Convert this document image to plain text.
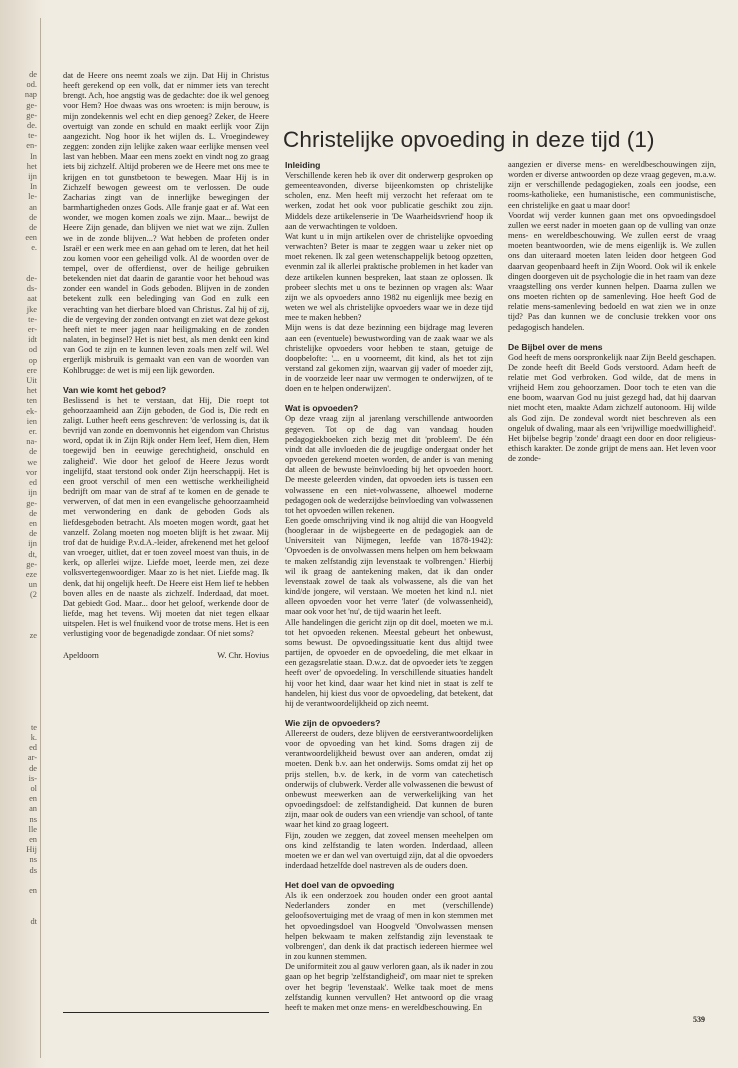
de
od.
nap
ge-
ge-
de.
te-
en-
In
het
ijn
In
le-
an
de
de
een
e.
de-
ds-
aat
jke
te-
er-
idt
od
op
ere
Uit
het
ten
ek-
ien
er.
na-
de
we
vor
ed
ijn
ge-
de
en
de
ijn
dt,
ge-
eze
un
(2
ze
te
k.
ed
ar-
de
is-
ol
en
an
ns
lle
en
Hij
ns
ds
en
dt

dat de Heere ons neemt zoals we zijn. Dat Hij in Christus heeft gerekend op een volk, dat er nimmer iets van terecht brengt. Ach, hoe angstig was de gedachte: doe ik wel genoeg voor Hem? Hoe dwaas was ons wroeten: is mijn berouw, is mijn zondekennis wel echt en diep genoeg? Zeker, de Heere overtuigt van zonde en schuld en maakt eerlijk voor Zijn aangezicht. Nog hoor ik het wijlen ds. L. Vroegindewey zeggen: zonden zijn lelijke zaken waar eerlijke mensen veel last van hebben. Maar een mens zoekt en vindt nog zo graag iets bij zichzelf. Altijd proberen we de Heere met ons mee te krijgen en tot gunstbetoon te bewegen. Maar Hij is in Zichzelf bewogen geweest om te verlossen. De oude Zacharias zingt van de innerlijke bewegingen der barmhartigheden onzes Gods. Alle franje gaat er af. Wat een wonder, we mogen komen zoals we zijn. Maar... bewijst de Heere Zijn genade, dan blijven we niet wat we zijn. Zullen we in de zonde blijven...? Wat hebben de profeten onder Israël er een werk mee en aan gehad om te leren, dat het heil zou komen voor een geheiligd volk. Al de woorden over de tempel, over de offerdienst, over de heilige gebruiken betekenden niet dat daarin de garantie voor het behoud was zonder een wandel in Gods geboden. Blijven in de zonden betekent zulk een beledinging van God en zulk een verachting van het dierbare bloed van Christus. Zal hij of zij, die de vergeving der zonden ontvangt en ziet wat deze gekost heeft niet te meer jagen naar heiligmaking en de zonden nalaten, in beginsel? Het is niet best, als men denkt een kind van God te zijn en te kunnen leven zoals men zelf wil. Wel ergerlijk misbruik is gemaakt van een van de woorden van Kohlbrugge: de wet is mij een lijk geworden.

Van wie komt het gebod?

Beslissend is het te verstaan, dat Hij, Die roept tot gehoorzaamheid aan Zijn geboden, de God is, Die redt en zaligt. Luther heeft eens geschreven: 'de verlossing is, dat ik bevrijd van zonde en doemvonnis het eigendom van Christus word, opdat ik in Zijn Rijk onder Hem leef, Hem dien, Hem toegewijd ben in eeuwige gerechtigheid, onschuld en zaligheid'. Wie door het geloof de Heere Jezus wordt ingelijfd, staat terstond ook onder Zijn heerschappij. Het is een groot verschil of men een wettische werkheiligheid bedrijft om maar van de straf af te komen en de genade te verwerven, of dat men in een evangelische gehoorzaamheid met verwondering en dank de geboden Gods als liefdesgeboden betracht. Als moeten mogen wordt, gaat het vanzelf. Zolang moeten nog moeten blijft is het zwaar. Mij trof dat de huidige P.v.d.A.-leider, afrekenend met het geloof van vroeger, uitliet, dat er toen zoveel moest van thuis, in de kerk, op allerlei wijze. Liefde moet, leerde men, zei deze volksvertegenwoordiger. Maar zo is het niet. Liefde mag. Ik denk, dat hij ongelijk heeft. De Heere eist Hem lief te hebben boven alles en de naaste als zichzelf. Inderdaad, dat moet. Dat gebiedt God. Maar... door het geloof, werkende door de liefde, mag het tevens. Wij moeten dat niet tegen elkaar uitspelen. Het is wel fnuikend voor de trotse mens. Het is een verlustiging voor de begenadigde zondaar. Of niet soms?

Apeldoorn	W. Chr. Hovius
Christelijke opvoeding in deze tijd (1)
Inleiding

Verschillende keren heb ik over dit onderwerp gesproken op gemeenteavonden, diverse bijeenkomsten op christelijke scholen, enz. Men heeft mij verzocht het referaat om te werken, zodat het ook voor publicatie geschikt zou zijn. Middels deze artikelenserie in 'De Waarheidsvriend' hoop ik aan de verwachtingen te voldoen.

Wat kunt u in mijn artikelen over de christelijke opvoeding verwachten? Beter is maar te zeggen waar u zeker niet op moet rekenen. Ik zal geen wetenschappelijk betoog opzetten, evenmin zal ik allerlei praktische problemen in het kader van deze artikelen kunnen bespreken, laat staan ze oplossen. Ik probeer slechts met u ons te bezinnen op vragen als: Waar zijn we als opvoeders anno 1982 nu eigenlijk mee bezig en weten we wel als christelijke opvoeders waar we in deze tijd mee te maken hebben?

Mijn wens is dat deze bezinning een bijdrage mag leveren aan een (eventuele) bewustwording van de zaak waar we als christelijke opvoeders voor hebben te staan, getuige de doopbelofte: '... en u voorneemt, dit kind, als het tot zijn verstand zal gekomen zijn, waarvan gij vader of moeder zijt, in de voorzeide leer naar uw vermogen te onderwijzen, of te doen en te helpen onderwijzen'.

Wat is opvoeden?

Op deze vraag zijn al jarenlang verschillende antwoorden gegeven. Tot op de dag van vandaag houden pedagogiekboeken zich bezig met dit 'probleem'. De één vindt dat alle invloeden die de jeugdige ondergaat onder het opvoeden gerekend moeten worden, de ander is van mening dat alleen de bewuste beïnvloeding bij het opvoeden hoort. De meeste geleerden vinden, dat opvoeden iets is tussen een volwassene en een niet-volwassene, alhoewel moderne pedagogen ook de wederzijdse beïnvloeding van volwassenen tot het opvoeden willen rekenen.

Een goede omschrijving vind ik nog altijd die van Hoogveld (hoogleraar in de wijsbegeerte en de pedagogiek aan de Universiteit van Nijmegen, leefde van 1878-1942): 'Opvoeden is de onvolwassen mens helpen om hem bekwaam te maken zelfstandig zijn levenstaak te volbrengen.' Hierbij wil ik graag de aantekening maken, dat ik dan onder levenstaak zowel de taak als volwassene, als die van het kind/de jongere, wil verstaan. We moeten het kind n.l. niet alleen opvoeden voor het verre 'later' (de volwassenheid), maar ook voor het 'nu', de tijd waarin het leeft.

Alle handelingen die gericht zijn op dit doel, moeten we m.i. tot het opvoeden rekenen. Meestal gebeurt het onbewust, soms bewust. De opvoedingssituatie kent dus altijd twee partijen, de opvoeder en de opvoedeling, die met elkaar in een gezagsrelatie staan. D.w.z. dat de opvoeder iets 'te zeggen heeft over' de opvoedeling. In verschillende situaties handelt hij voor het kind, daar waar het kind niet in staat is zelf te handelen, hij kiest dus voor de opvoedeling, dat betekent, dat hij de verantwoordelijkheid op zich neemt.

Wie zijn de opvoeders?

Allereerst de ouders, deze blijven de eerstverantwoordelijken voor de opvoeding van het kind. Soms dragen zij de verantwoordelijkheid bewust over aan anderen, omdat zij moeten. Denk b.v. aan het onderwijs. Soms omdat zij het op prijs stellen, b.v. de kerk, in de vorm van catechetisch onderwijs of clubwerk. Verder alle volwassenen die bewust of onbewust meewerken aan de verwerkelijking van het opvoedingsdoel: de zelfstandigheid. Dat kunnen de buren zijn, maar ook de ouders van een vriendje van school, of tante waar het kind zo graag logeert.

Fijn, zouden we zeggen, dat zoveel mensen meehelpen om ons kind zelfstandig te laten worden. Inderdaad, alleen moeten we er dan wel van overtuigd zijn, dat al die opvoeders inderdaad hetzelfde doel nastreven als de ouders doen.

Het doel van de opvoeding

Als ik een onderzoek zou houden onder een groot aantal Nederlanders zonder en met (verschillende) geloofsovertuiging met de vraag of men in kon stemmen met het opvoedingsdoel van Hoogveld 'Onvolwassen mensen helpen bekwaam te maken zelfstandig zijn levenstaak te volbrengen', dan denk ik dat practisch iedereen hiermee wel in zou kunnen stemmen.

De uniformiteit zou al gauw verloren gaan, als ik nader in zou gaan op het begrip 'zelfstandigheid', om maar niet te spreken over het begrip 'levenstaak'. Welke taak moet de mens zelfstandig kunnen vervullen? Het antwoord op die vraag heeft te maken met onze mens- en wereldbeschouwing. En

aangezien er diverse mens- en wereldbeschouwingen zijn, worden er diverse antwoorden op deze vraag gegeven, m.a.w. zijn er verschillende pedagogieken, zoals een joodse, een rooms-katholieke, een humanistische, een communistische, een christelijke en gaat u maar door!

Voordat wij verder kunnen gaan met ons opvoedingsdoel zullen we eerst nader in moeten gaan op de vulling van onze mens- en wereldbeschouwing. We zullen eerst de vraag moeten beantwoorden, wie de mens eigenlijk is. We zullen ons dan uiteraard moeten laten leiden door hetgeen God daarvan geopenbaard heeft in Zijn Woord. Ook wil ik enkele dingen doorgeven uit de psychologie die in het raam van deze vraagstelling ons verder kunnen helpen. Daarna zullen we ons moeten richten op de samenleving. Hoe heeft God de relatie mens-samenleving bedoeld en wat zien we in onze tijd? Pas dan kunnen we de conclusie trekken voor ons pedagogisch handelen.

De Bijbel over de mens

God heeft de mens oorspronkelijk naar Zijn Beeld geschapen. De zonde heeft dit Beeld Gods verstoord. Adam heeft de relatie met God verbroken. God wilde, dat de mens in vrijheid Hem zou gehoorzamen. Door toch te eten van die ene boom, waarvan God nu juist gezegd had, dat hij daarvan niet mocht eten, maakte Adam zichzelf autonoom. Hij wilde als God zijn. De zondeval wordt niet beschreven als een ongeluk of dwaling, maar als een 'vrijwillige moedwilligheid'.

Het bijbelse begrip 'zonde' draagt een door en door religieus-ethisch karakter. De zonde grijpt de mens aan. Het leven voor de zonde-

539
